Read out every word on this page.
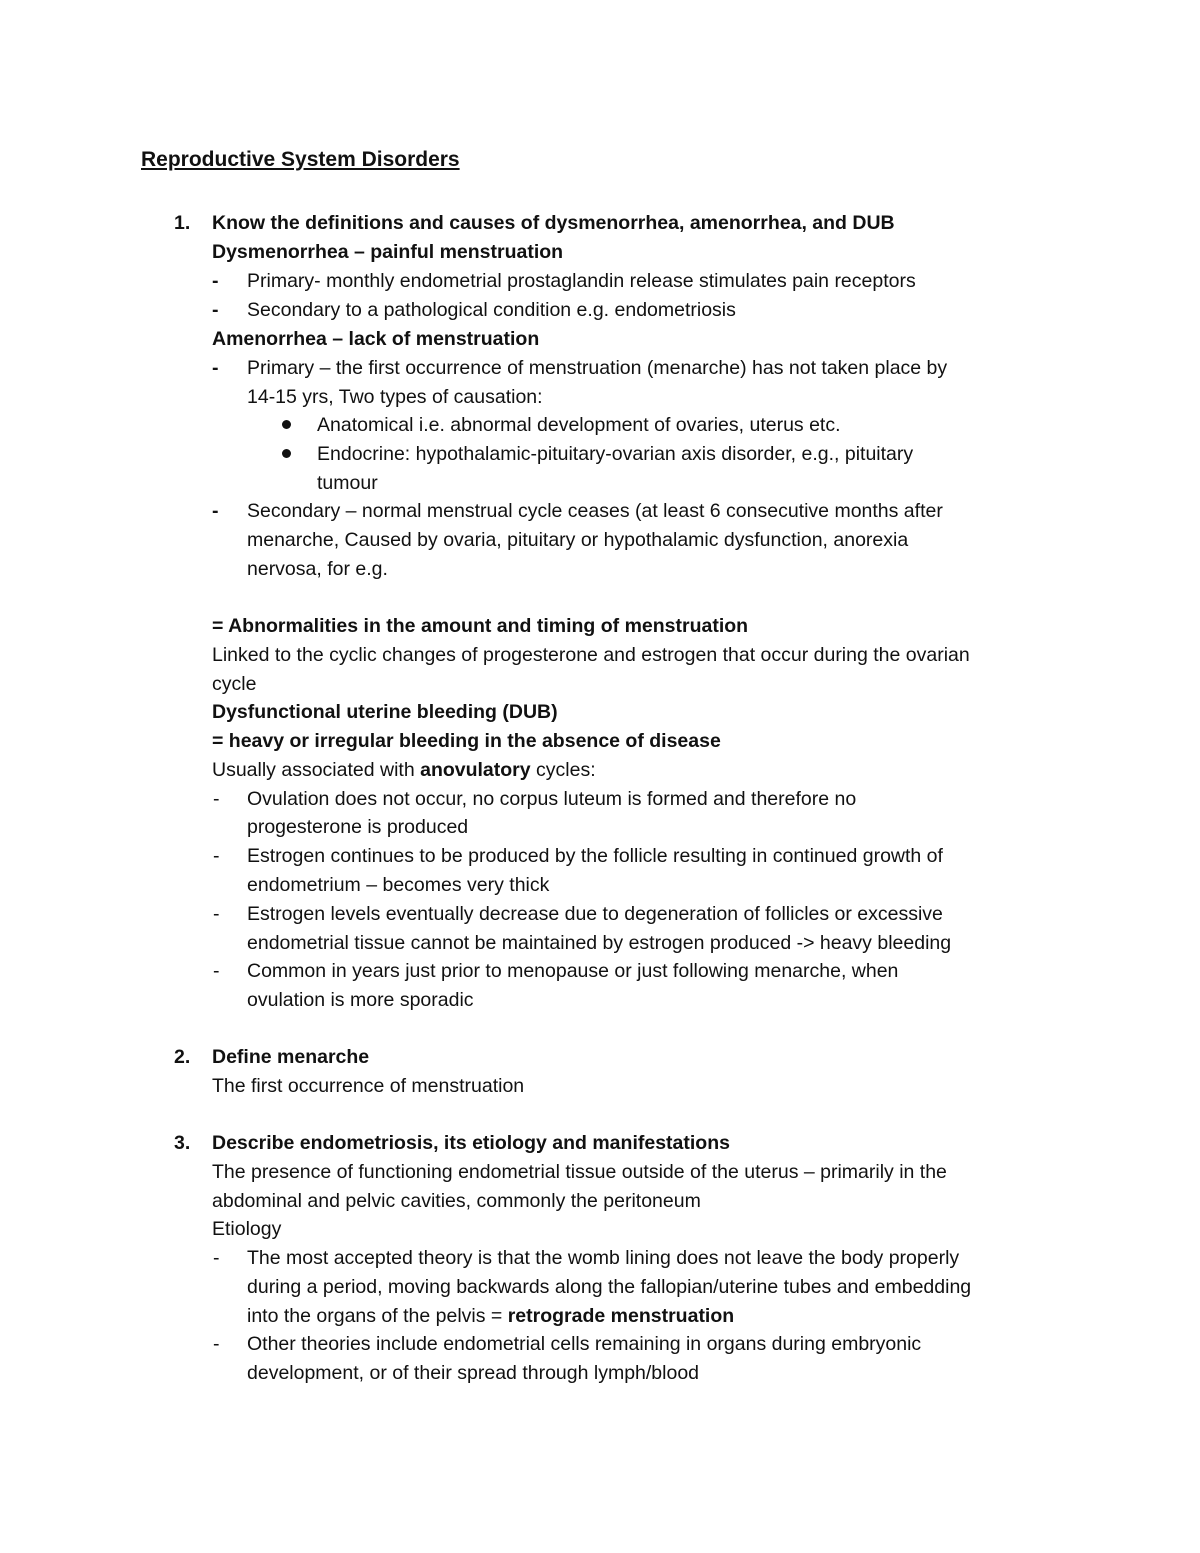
Reproductive System Disorders
1. Know the definitions and causes of dysmenorrhea, amenorrhea, and DUB
Dysmenorrhea – painful menstruation
- Primary- monthly endometrial prostaglandin release stimulates pain receptors
- Secondary to a pathological condition e.g. endometriosis
Amenorrhea – lack of menstruation
- Primary – the first occurrence of menstruation (menarche) has not taken place by
14-15 yrs, Two types of causation:
Anatomical i.e. abnormal development of ovaries, uterus etc.
Endocrine: hypothalamic-pituitary-ovarian axis disorder, e.g., pituitary
tumour
- Secondary – normal menstrual cycle ceases (at least 6 consecutive months after
menarche, Caused by ovaria, pituitary or hypothalamic dysfunction, anorexia
nervosa, for e.g.
= Abnormalities in the amount and timing of menstruation
Linked to the cyclic changes of progesterone and estrogen that occur during the ovarian
cycle
Dysfunctional uterine bleeding (DUB)
= heavy or irregular bleeding in the absence of disease
Usually associated with anovulatory cycles:
- Ovulation does not occur, no corpus luteum is formed and therefore no
progesterone is produced
- Estrogen continues to be produced by the follicle resulting in continued growth of
endometrium – becomes very thick
- Estrogen levels eventually decrease due to degeneration of follicles or excessive
endometrial tissue cannot be maintained by estrogen produced -> heavy bleeding
- Common in years just prior to menopause or just following menarche, when
ovulation is more sporadic
2. Define menarche
The first occurrence of menstruation
3. Describe endometriosis, its etiology and manifestations
The presence of functioning endometrial tissue outside of the uterus – primarily in the
abdominal and pelvic cavities, commonly the peritoneum
Etiology
- The most accepted theory is that the womb lining does not leave the body properly
during a period, moving backwards along the fallopian/uterine tubes and embedding
into the organs of the pelvis = retrograde menstruation
- Other theories include endometrial cells remaining in organs during embryonic
development, or of their spread through lymph/blood
